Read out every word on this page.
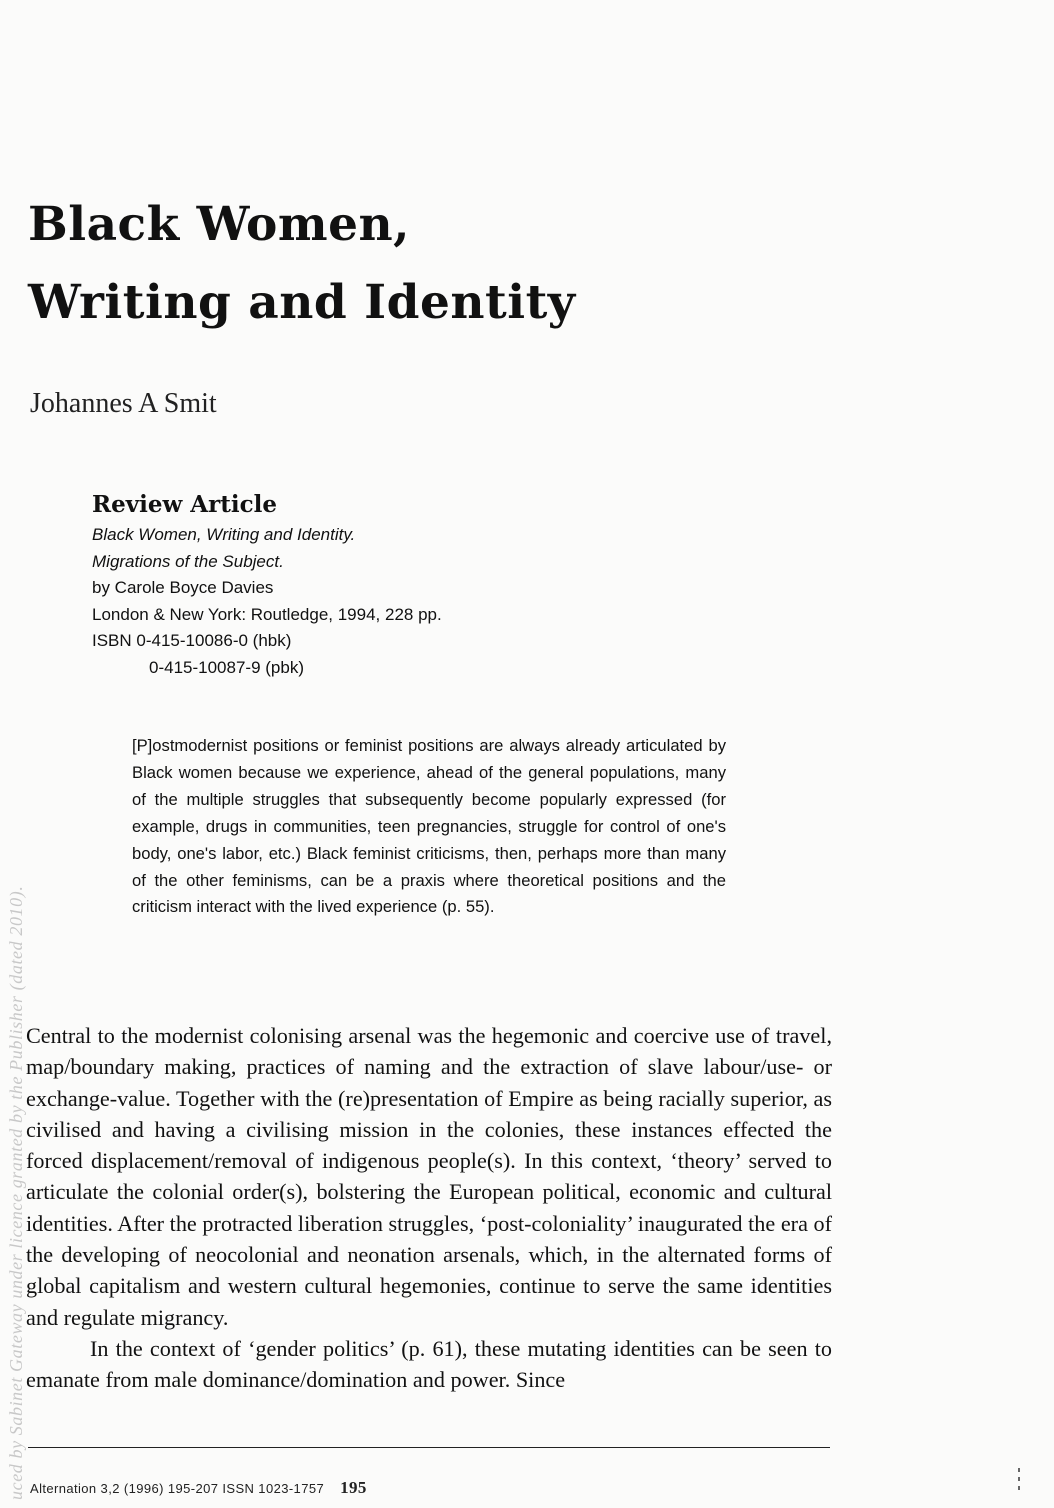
Black Women,
Writing and Identity
Johannes A Smit
Review Article
Black Women, Writing and Identity.
Migrations of the Subject.
by Carole Boyce Davies
London & New York: Routledge, 1994, 228 pp.
ISBN 0-415-10086-0 (hbk)
0-415-10087-9 (pbk)
[P]ostmodernist positions or feminist positions are always already articulated by Black women because we experience, ahead of the general populations, many of the multiple struggles that subsequently become popularly expressed (for example, drugs in communities, teen pregnancies, struggle for control of one's body, one's labor, etc.) Black feminist criticisms, then, perhaps more than many of the other feminisms, can be a praxis where theoretical positions and the criticism interact with the lived experience (p. 55).

Central to the modernist colonising arsenal was the hegemonic and coercive use of travel, map/boundary making, practices of naming and the extraction of slave labour/use- or exchange-value. Together with the (re)presentation of Empire as being racially superior, as civilised and having a civilising mission in the colonies, these instances effected the forced displacement/removal of indigenous people(s). In this context, ‘theory’ served to articulate the colonial order(s), bolstering the European political, economic and cultural identities. After the protracted liberation struggles, ‘post-coloniality’ inaugurated the era of the developing of neocolonial and neonation arsenals, which, in the alternated forms of global capitalism and western cultural hegemonies, continue to serve the same identities and regulate migrancy.

In the context of ‘gender politics’ (p. 61), these mutating identities can be seen to emanate from male dominance/domination and power. Since

Alternation 3,2 (1996) 195-207 ISSN 1023-1757 195
uced by Sabinet Gateway under licence granted by the Publisher (dated 2010).
